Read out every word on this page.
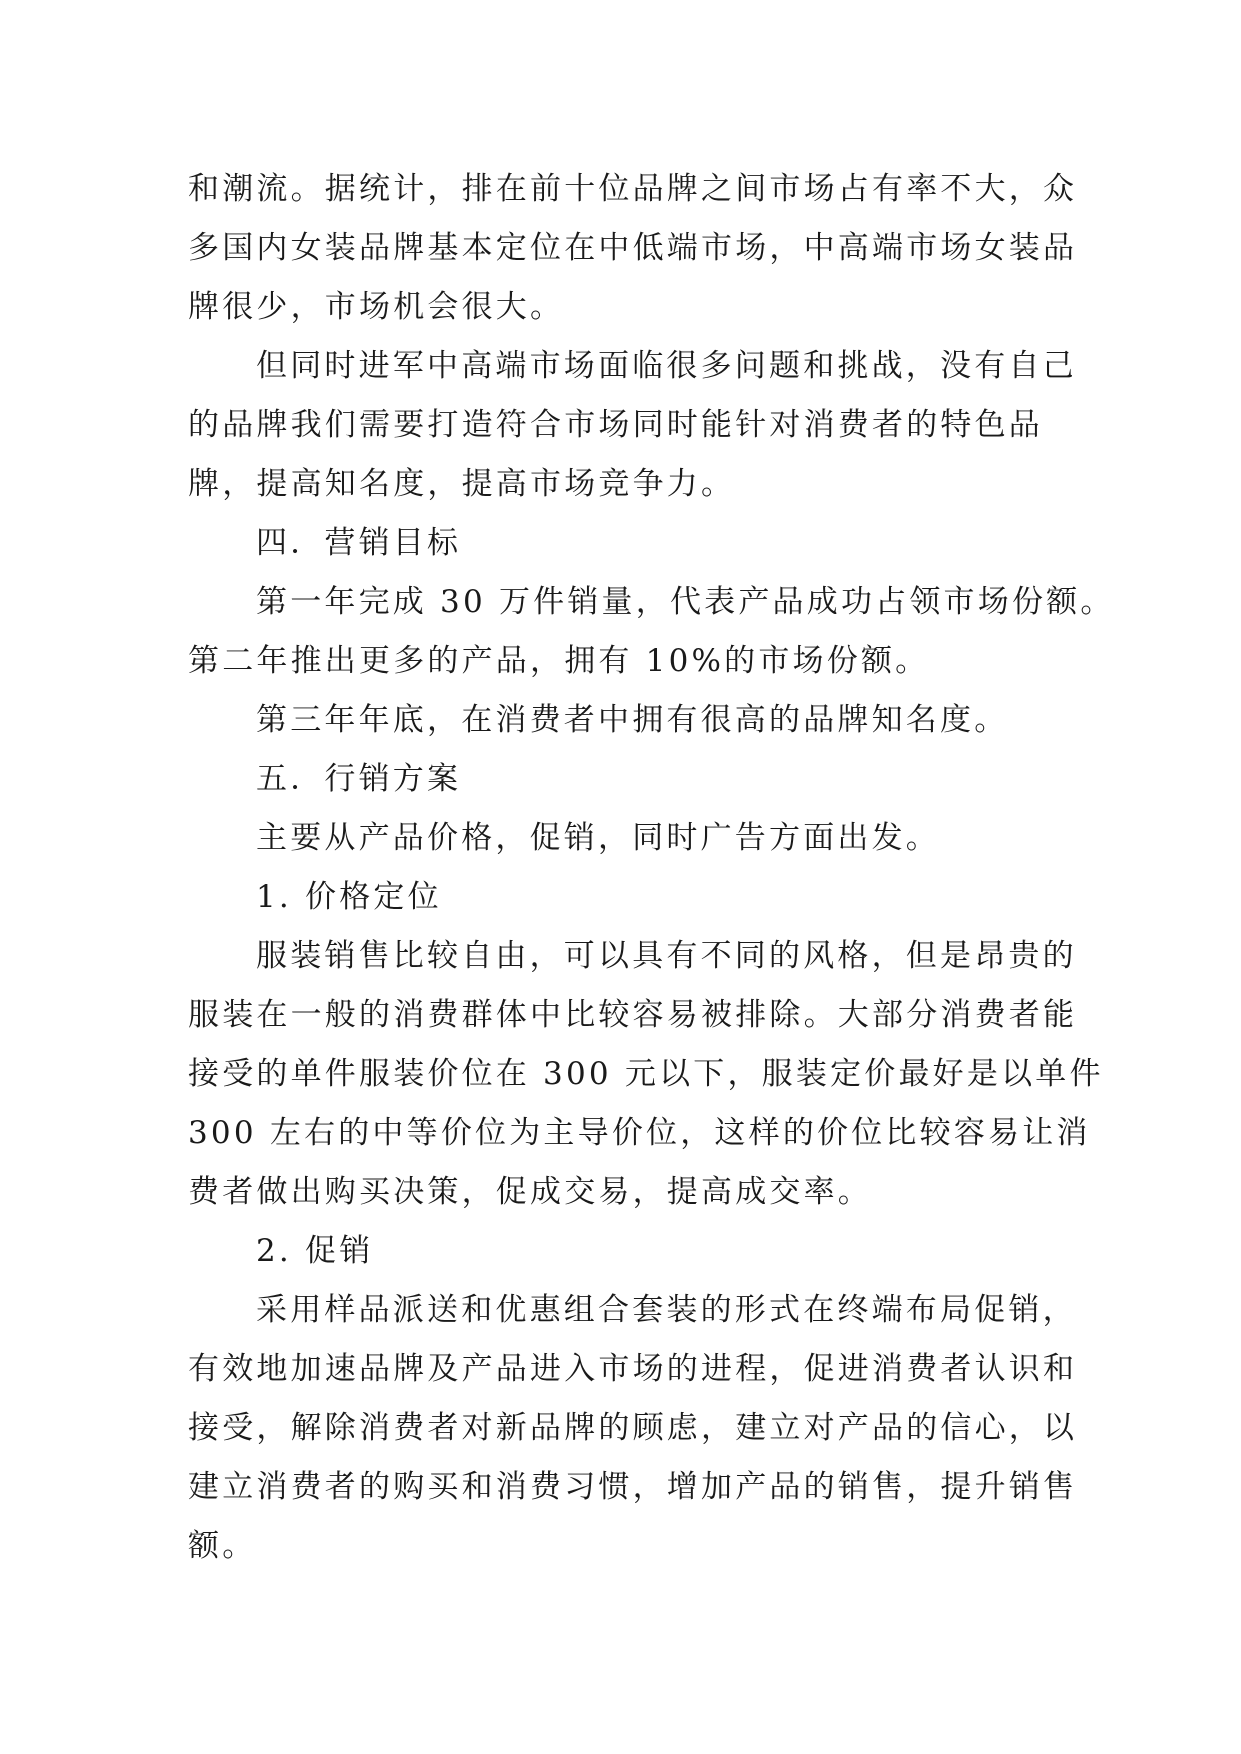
和潮流。据统计，排在前十位品牌之间市场占有率不大，众
多国内女装品牌基本定位在中低端市场，中高端市场女装品
牌很少，市场机会很大。
但同时进军中高端市场面临很多问题和挑战，没有自己
的品牌我们需要打造符合市场同时能针对消费者的特色品
牌，提高知名度，提高市场竞争力。
四．营销目标
第一年完成 30 万件销量，代表产品成功占领市场份额。
第二年推出更多的产品，拥有 10%的市场份额。
第三年年底，在消费者中拥有很高的品牌知名度。
五．行销方案
主要从产品价格，促销，同时广告方面出发。
1. 价格定位
服装销售比较自由，可以具有不同的风格，但是昂贵的
服装在一般的消费群体中比较容易被排除。大部分消费者能
接受的单件服装价位在 300 元以下，服装定价最好是以单件
300 左右的中等价位为主导价位，这样的价位比较容易让消
费者做出购买决策，促成交易，提高成交率。
2. 促销
采用样品派送和优惠组合套装的形式在终端布局促销，
有效地加速品牌及产品进入市场的进程，促进消费者认识和
接受，解除消费者对新品牌的顾虑，建立对产品的信心，以
建立消费者的购买和消费习惯，增加产品的销售，提升销售
额。
